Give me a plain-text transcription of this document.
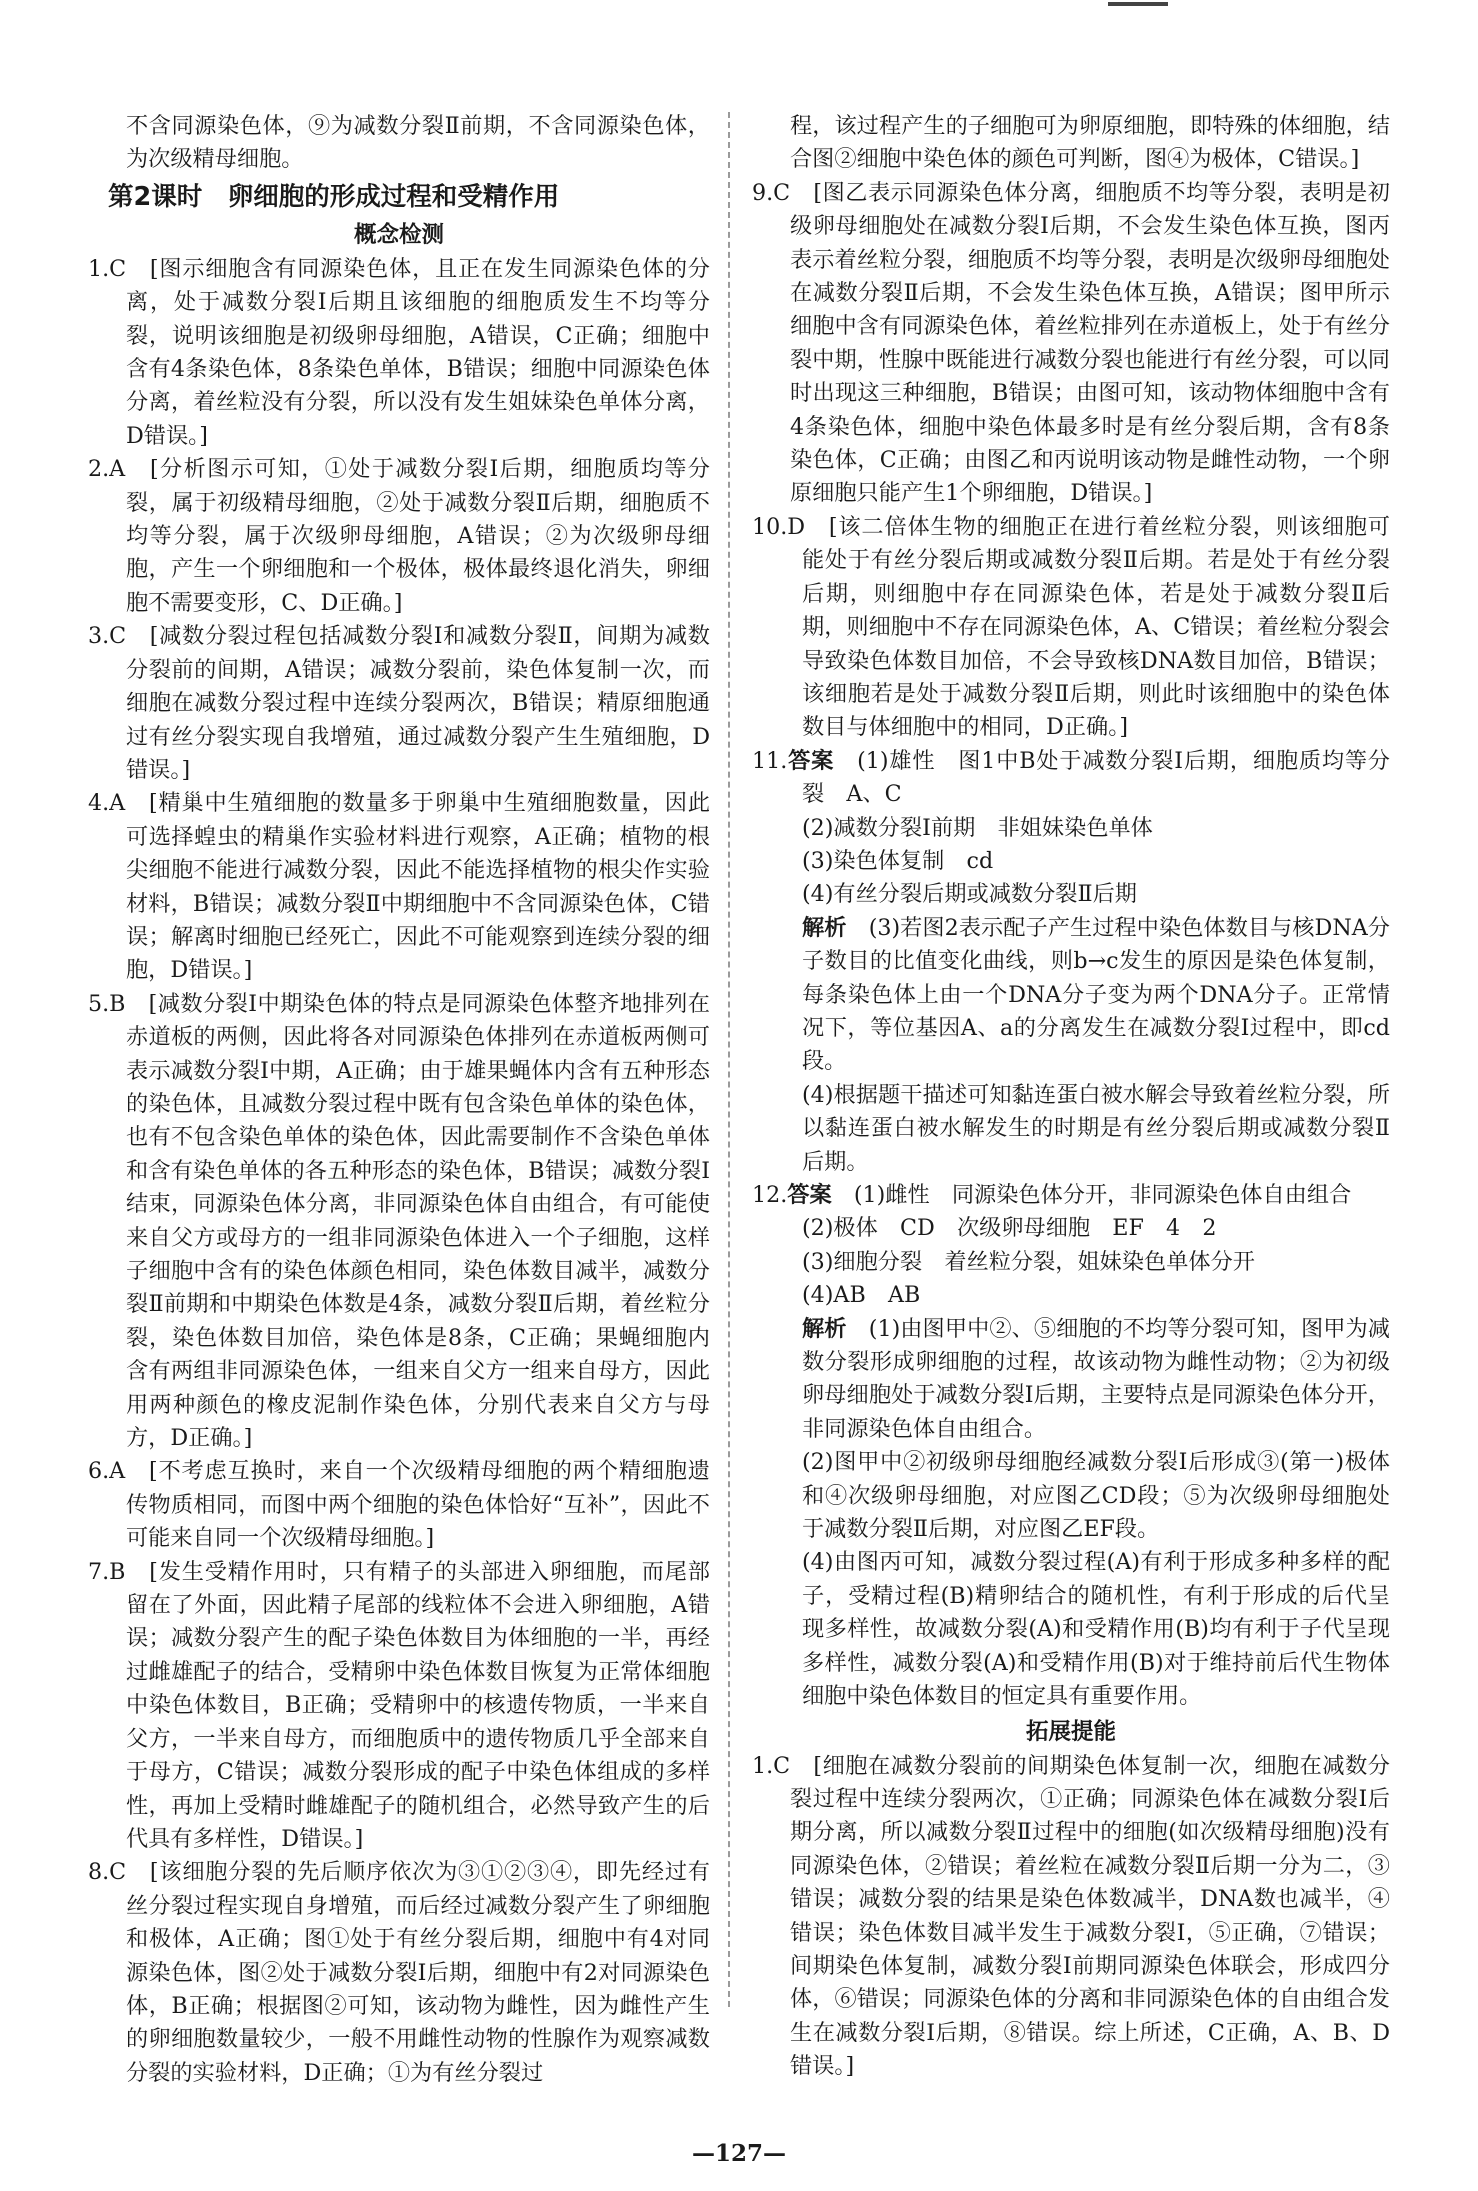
不含同源染色体，⑨为减数分裂Ⅱ前期，不含同源染色体，为次级精母细胞。

第2课时　卵细胞的形成过程和受精作用

概念检测

1.C　[图示细胞含有同源染色体，且正在发生同源染色体的分离，处于减数分裂Ⅰ后期且该细胞的细胞质发生不均等分裂，说明该细胞是初级卵母细胞，A错误，C正确；细胞中含有4条染色体，8条染色单体，B错误；细胞中同源染色体分离，着丝粒没有分裂，所以没有发生姐妹染色单体分离，D错误。]

2.A　[分析图示可知，①处于减数分裂Ⅰ后期，细胞质均等分裂，属于初级精母细胞，②处于减数分裂Ⅱ后期，细胞质不均等分裂，属于次级卵母细胞，A错误；②为次级卵母细胞，产生一个卵细胞和一个极体，极体最终退化消失，卵细胞不需要变形，C、D正确。]

3.C　[减数分裂过程包括减数分裂Ⅰ和减数分裂Ⅱ，间期为减数分裂前的间期，A错误；减数分裂前，染色体复制一次，而细胞在减数分裂过程中连续分裂两次，B错误；精原细胞通过有丝分裂实现自我增殖，通过减数分裂产生生殖细胞，D错误。]

4.A　[精巢中生殖细胞的数量多于卵巢中生殖细胞数量，因此可选择蝗虫的精巢作实验材料进行观察，A正确；植物的根尖细胞不能进行减数分裂，因此不能选择植物的根尖作实验材料，B错误；减数分裂Ⅱ中期细胞中不含同源染色体，C错误；解离时细胞已经死亡，因此不可能观察到连续分裂的细胞，D错误。]

5.B　[减数分裂Ⅰ中期染色体的特点是同源染色体整齐地排列在赤道板的两侧，因此将各对同源染色体排列在赤道板两侧可表示减数分裂Ⅰ中期，A正确；由于雄果蝇体内含有五种形态的染色体，且减数分裂过程中既有包含染色单体的染色体，也有不包含染色单体的染色体，因此需要制作不含染色单体和含有染色单体的各五种形态的染色体，B错误；减数分裂Ⅰ结束，同源染色体分离，非同源染色体自由组合，有可能使来自父方或母方的一组非同源染色体进入一个子细胞，这样子细胞中含有的染色体颜色相同，染色体数目减半，减数分裂Ⅱ前期和中期染色体数是4条，减数分裂Ⅱ后期，着丝粒分裂，染色体数目加倍，染色体是8条，C正确；果蝇细胞内含有两组非同源染色体，一组来自父方一组来自母方，因此用两种颜色的橡皮泥制作染色体，分别代表来自父方与母方，D正确。]

6.A　[不考虑互换时，来自一个次级精母细胞的两个精细胞遗传物质相同，而图中两个细胞的染色体恰好“互补”，因此不可能来自同一个次级精母细胞。]

7.B　[发生受精作用时，只有精子的头部进入卵细胞，而尾部留在了外面，因此精子尾部的线粒体不会进入卵细胞，A错误；减数分裂产生的配子染色体数目为体细胞的一半，再经过雌雄配子的结合，受精卵中染色体数目恢复为正常体细胞中染色体数目，B正确；受精卵中的核遗传物质，一半来自父方，一半来自母方，而细胞质中的遗传物质几乎全部来自于母方，C错误；减数分裂形成的配子中染色体组成的多样性，再加上受精时雌雄配子的随机组合，必然导致产生的后代具有多样性，D错误。]

8.C　[该细胞分裂的先后顺序依次为③①②③④，即先经过有丝分裂过程实现自身增殖，而后经过减数分裂产生了卵细胞和极体，A正确；图①处于有丝分裂后期，细胞中有4对同源染色体，图②处于减数分裂Ⅰ后期，细胞中有2对同源染色体，B正确；根据图②可知，该动物为雌性，因为雌性产生的卵细胞数量较少，一般不用雌性动物的性腺作为观察减数分裂的实验材料，D正确；①为有丝分裂过

程，该过程产生的子细胞可为卵原细胞，即特殊的体细胞，结合图②细胞中染色体的颜色可判断，图④为极体，C错误。]

9.C　[图乙表示同源染色体分离，细胞质不均等分裂，表明是初级卵母细胞处在减数分裂Ⅰ后期，不会发生染色体互换，图丙表示着丝粒分裂，细胞质不均等分裂，表明是次级卵母细胞处在减数分裂Ⅱ后期，不会发生染色体互换，A错误；图甲所示细胞中含有同源染色体，着丝粒排列在赤道板上，处于有丝分裂中期，性腺中既能进行减数分裂也能进行有丝分裂，可以同时出现这三种细胞，B错误；由图可知，该动物体细胞中含有4条染色体，细胞中染色体最多时是有丝分裂后期，含有8条染色体，C正确；由图乙和丙说明该动物是雌性动物，一个卵原细胞只能产生1个卵细胞，D错误。]

10.D　[该二倍体生物的细胞正在进行着丝粒分裂，则该细胞可能处于有丝分裂后期或减数分裂Ⅱ后期。若是处于有丝分裂后期，则细胞中存在同源染色体，若是处于减数分裂Ⅱ后期，则细胞中不存在同源染色体，A、C错误；着丝粒分裂会导致染色体数目加倍，不会导致核DNA数目加倍，B错误；该细胞若是处于减数分裂Ⅱ后期，则此时该细胞中的染色体数目与体细胞中的相同，D正确。]

11.答案　 (1)雄性　图1中B处于减数分裂Ⅰ后期，细胞质均等分裂　A、C

(2)减数分裂Ⅰ前期　非姐妹染色单体

(3)染色体复制　cd

(4)有丝分裂后期或减数分裂Ⅱ后期

解析　(3)若图2表示配子产生过程中染色体数目与核DNA分子数目的比值变化曲线，则b→c发生的原因是染色体复制，每条染色体上由一个DNA分子变为两个DNA分子。正常情况下，等位基因A、a的分离发生在减数分裂Ⅰ过程中，即cd段。

(4)根据题干描述可知黏连蛋白被水解会导致着丝粒分裂，所以黏连蛋白被水解发生的时期是有丝分裂后期或减数分裂Ⅱ后期。

12.答案　 (1)雌性　同源染色体分开，非同源染色体自由组合

(2)极体　CD　次级卵母细胞　EF　4　2

(3)细胞分裂　着丝粒分裂，姐妹染色单体分开

(4)AB　AB

解析　(1)由图甲中②、⑤细胞的不均等分裂可知，图甲为减数分裂形成卵细胞的过程，故该动物为雌性动物；②为初级卵母细胞处于减数分裂Ⅰ后期，主要特点是同源染色体分开，非同源染色体自由组合。

(2)图甲中②初级卵母细胞经减数分裂Ⅰ后形成③(第一)极体和④次级卵母细胞，对应图乙CD段；⑤为次级卵母细胞处于减数分裂Ⅱ后期，对应图乙EF段。

(4)由图丙可知，减数分裂过程(A)有利于形成多种多样的配子，受精过程(B)精卵结合的随机性，有利于形成的后代呈现多样性，故减数分裂(A)和受精作用(B)均有利于子代呈现多样性，减数分裂(A)和受精作用(B)对于维持前后代生物体细胞中染色体数目的恒定具有重要作用。

拓展提能

1.C　[细胞在减数分裂前的间期染色体复制一次，细胞在减数分裂过程中连续分裂两次，①正确；同源染色体在减数分裂Ⅰ后期分离，所以减数分裂Ⅱ过程中的细胞(如次级精母细胞)没有同源染色体，②错误；着丝粒在减数分裂Ⅱ后期一分为二，③错误；减数分裂的结果是染色体数减半，DNA数也减半，④错误；染色体数目减半发生于减数分裂Ⅰ，⑤正确，⑦错误；间期染色体复制，减数分裂Ⅰ前期同源染色体联会，形成四分体，⑥错误；同源染色体的分离和非同源染色体的自由组合发生在减数分裂Ⅰ后期，⑧错误。综上所述，C正确，A、B、D错误。]

—127—
